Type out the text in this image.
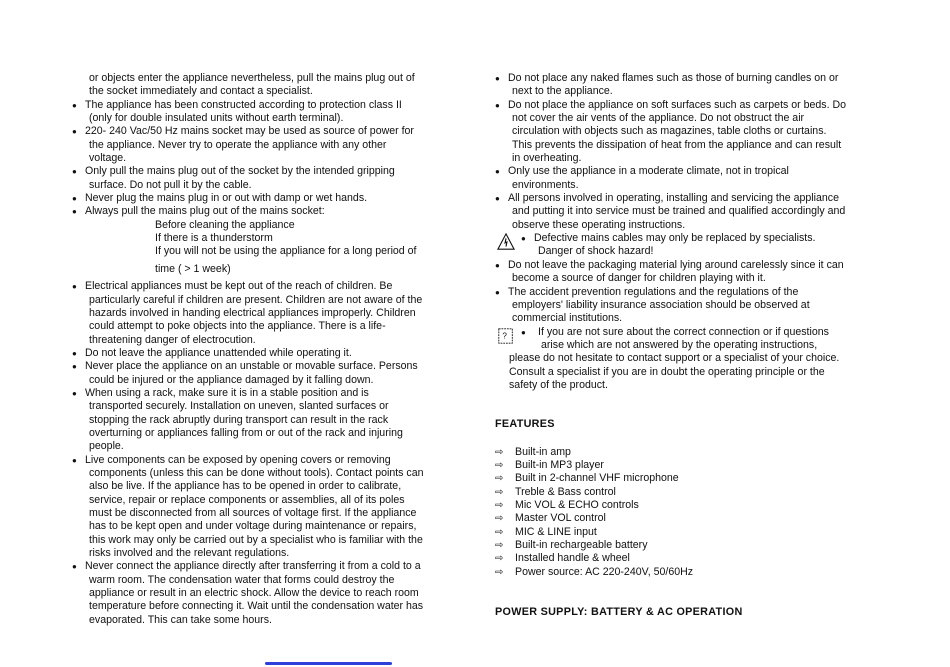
or objects enter the appliance nevertheless, pull the mains plug out of
the socket immediately and contact a specialist.
● The appliance has been constructed according to protection class II
(only for double insulated units without earth terminal).
● 220- 240 Vac/50 Hz mains socket may be used as source of power for
the appliance. Never try to operate the appliance with any other
voltage.
● Only pull the mains plug out of the socket by the intended gripping
surface. Do not pull it by the cable.
● Never plug the mains plug in or out with damp or wet hands.
● Always pull the mains plug out of the mains socket:
Before cleaning the appliance
If there is a thunderstorm
If you will not be using the appliance for a long period of
time ( > 1 week)
● Electrical appliances must be kept out of the reach of children. Be
particularly careful if children are present. Children are not aware of the
hazards involved in handing electrical appliances improperly. Children
could attempt to poke objects into the appliance. There is a life-
threatening danger of electrocution.
● Do not leave the appliance unattended while operating it.
● Never place the appliance on an unstable or movable surface. Persons
could be injured or the appliance damaged by it falling down.
● When using a rack, make sure it is in a stable position and is
transported securely. Installation on uneven, slanted surfaces or
stopping the rack abruptly during transport can result in the rack
overturning or appliances falling from or out of the rack and injuring
people.
● Live components can be exposed by opening covers or removing
components (unless this can be done without tools). Contact points can
also be live. If the appliance has to be opened in order to calibrate,
service, repair or replace components or assemblies, all of its poles
must be disconnected from all sources of voltage first. If the appliance
has to be kept open and under voltage during maintenance or repairs,
this work may only be carried out by a specialist who is familiar with the
risks involved and the relevant regulations.
● Never connect the appliance directly after transferring it from a cold to a
warm room. The condensation water that forms could destroy the
appliance or result in an electric shock. Allow the device to reach room
temperature before connecting it. Wait until the condensation water has
evaporated. This can take some hours.
● Do not place any naked flames such as those of burning candles on or
next to the appliance.
● Do not place the appliance on soft surfaces such as carpets or beds. Do
not cover the air vents of the appliance. Do not obstruct the air
circulation with objects such as magazines, table cloths or curtains.
This prevents the dissipation of heat from the appliance and can result
in overheating.
● Only use the appliance in a moderate climate, not in tropical
environments.
● All persons involved in operating, installing and servicing the appliance
and putting it into service must be trained and qualified accordingly and
observe these operating instructions.
● Defective mains cables may only be replaced by specialists.
Danger of shock hazard!
● Do not leave the packaging material lying around carelessly since it can
become a source of danger for children playing with it.
● The accident prevention regulations and the regulations of the
employers' liability insurance association should be observed at
commercial institutions.
?
●	If you are not sure about the correct connection or if questions
arise which are not answered by the operating instructions,
please do not hesitate to contact support or a specialist of your choice.
Consult a specialist if you are in doubt the operating principle or the
safety of the product.
FEATURES
⇨ Built-in amp
⇨ Built-in MP3 player
⇨ Built in 2-channel VHF microphone
⇨ Treble & Bass control
⇨ Mic VOL & ECHO controls
⇨ Master VOL control
⇨ MIC & LINE input
⇨ Built-in rechargeable battery
⇨ Installed handle & wheel
⇨ Power source: AC 220-240V, 50/60Hz
POWER SUPPLY: BATTERY & AC OPERATION
